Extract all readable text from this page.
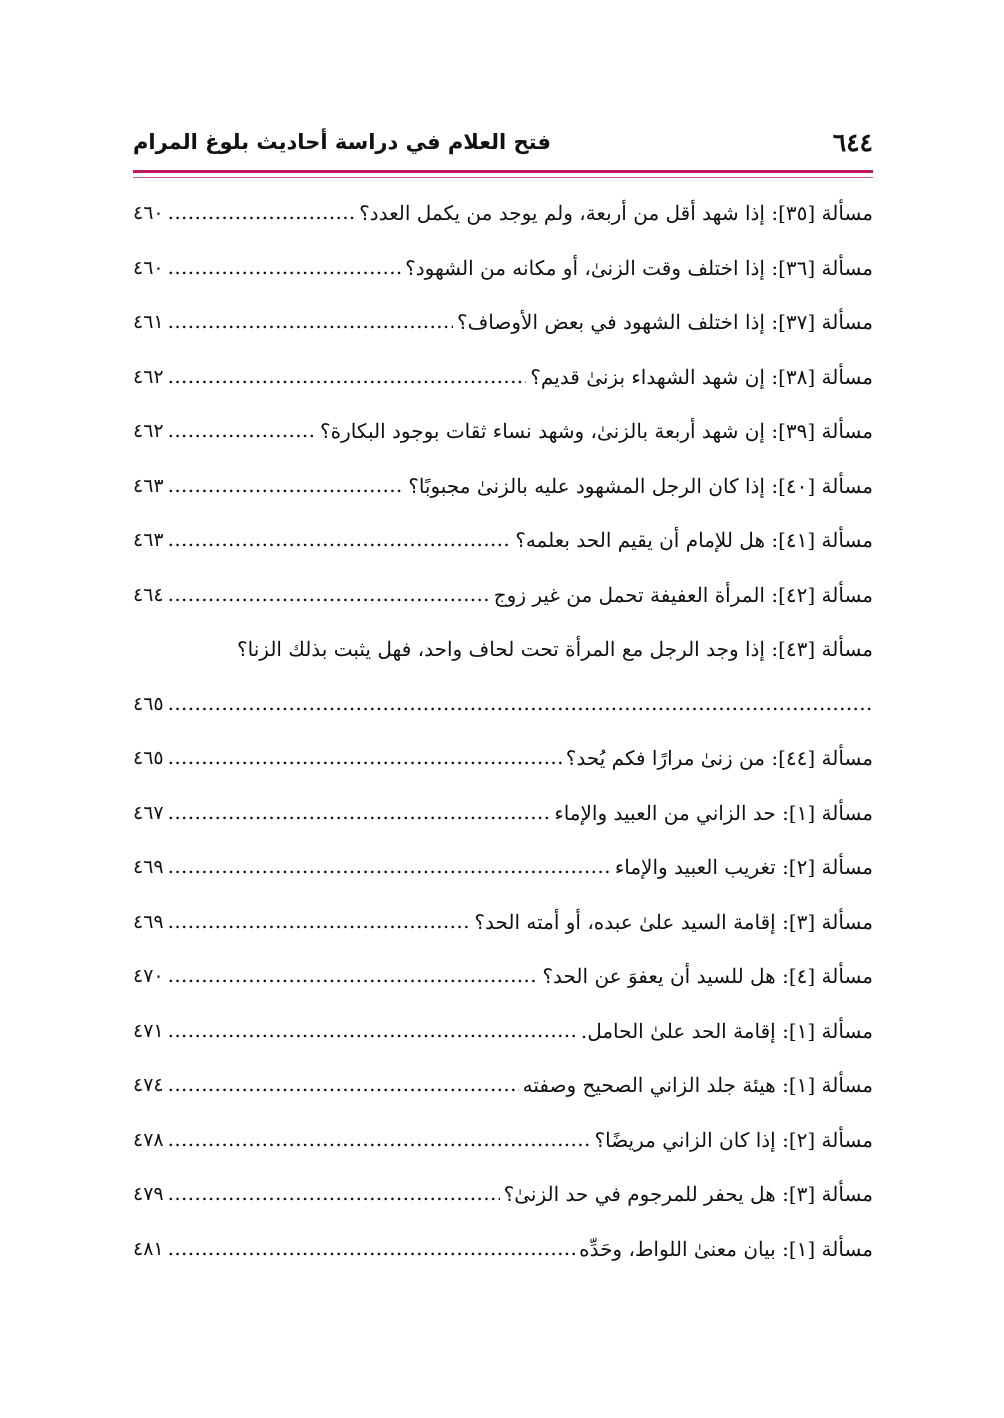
٦٤٤
فتح العلام في دراسة أحاديث بلوغ المرام
مسألة [٣٥]: إذا شهد أقل من أربعة، ولم يوجد من يكمل العدد؟
. . .
٤٦٠
مسألة [٣٦]: إذا اختلف وقت الزنىٰ، أو مكانه من الشهود؟
. . .
٤٦٠
مسألة [٣٧]: إذا اختلف الشهود في بعض الأوصاف؟
. . .
٤٦١
مسألة [٣٨]: إن شهد الشهداء بزنىٰ قديم؟
. . .
٤٦٢
مسألة [٣٩]: إن شهد أربعة بالزنىٰ، وشهد نساء ثقات بوجود البكارة؟
. . .
٤٦٢
مسألة [٤٠]: إذا كان الرجل المشهود عليه بالزنىٰ مجبوبًا؟
. . .
٤٦٣
مسألة [٤١]: هل للإمام أن يقيم الحد بعلمه؟
. . .
٤٦٣
مسألة [٤٢]: المرأة العفيفة تحمل من غير زوج
. . .
٤٦٤
مسألة [٤٣]: إذا وجد الرجل مع المرأة تحت لحاف واحد، فهل يثبت بذلك الزنا؟
. . .
٤٦٥
مسألة [٤٤]: من زنىٰ مرارًا فكم يُحد؟
. . .
٤٦٥
مسألة [١]: حد الزاني من العبيد والإماء
. . .
٤٦٧
مسألة [٢]: تغريب العبيد والإماء
. . .
٤٦٩
مسألة [٣]: إقامة السيد علىٰ عبده، أو أمته الحد؟
. . .
٤٦٩
مسألة [٤]: هل للسيد أن يعفوَ عن الحد؟
. . .
٤٧٠
مسألة [١]: إقامة الحد علىٰ الحامل.
. . .
٤٧١
مسألة [١]: هيئة جلد الزاني الصحيح وصفته
. . .
٤٧٤
مسألة [٢]: إذا كان الزاني مريضًا؟
. . .
٤٧٨
مسألة [٣]: هل يحفر للمرجوم في حد الزنىٰ؟
. . .
٤٧٩
مسألة [١]: بيان معنىٰ اللواط، وحَدِّه
. . .
٤٨١
